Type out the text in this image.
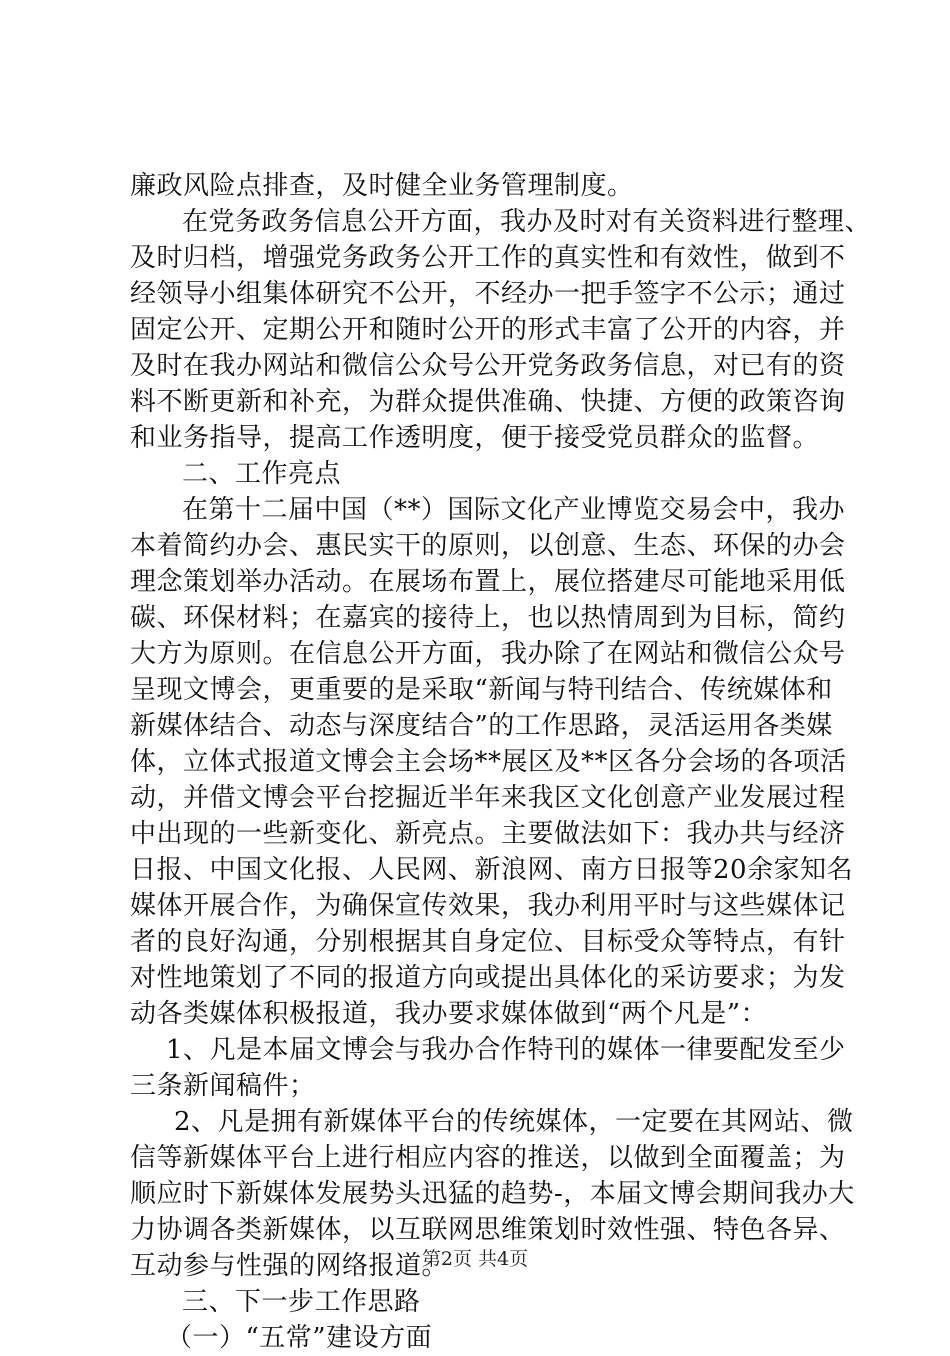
廉政风险点排查，及时健全业务管理制度。
在党务政务信息公开方面，我办及时对有关资料进行整理、
及时归档，增强党务政务公开工作的真实性和有效性，做到不
经领导小组集体研究不公开，不经办一把手签字不公示；通过
固定公开、定期公开和随时公开的形式丰富了公开的内容，并
及时在我办网站和微信公众号公开党务政务信息，对已有的资
料不断更新和补充，为群众提供准确、快捷、方便的政策咨询
和业务指导，提高工作透明度，便于接受党员群众的监督。
二、工作亮点
在第十二届中国（**）国际文化产业博览交易会中，我办
本着简约办会、惠民实干的原则，以创意、生态、环保的办会
理念策划举办活动。在展场布置上，展位搭建尽可能地采用低
碳、环保材料；在嘉宾的接待上，也以热情周到为目标，简约
大方为原则。在信息公开方面，我办除了在网站和微信公众号
呈现文博会，更重要的是采取“新闻与特刊结合、传统媒体和
新媒体结合、动态与深度结合”的工作思路，灵活运用各类媒
体，立体式报道文博会主会场**展区及**区各分会场的各项活
动，并借文博会平台挖掘近半年来我区文化创意产业发展过程
中出现的一些新变化、新亮点。主要做法如下：我办共与经济
日报、中国文化报、人民网、新浪网、南方日报等20余家知名
媒体开展合作，为确保宣传效果，我办利用平时与这些媒体记
者的良好沟通，分别根据其自身定位、目标受众等特点，有针
对性地策划了不同的报道方向或提出具体化的采访要求；为发
动各类媒体积极报道，我办要求媒体做到“两个凡是”：
1、凡是本届文博会与我办合作特刊的媒体一律要配发至少
三条新闻稿件；
2、凡是拥有新媒体平台的传统媒体，一定要在其网站、微
信等新媒体平台上进行相应内容的推送，以做到全面覆盖；为
顺应时下新媒体发展势头迅猛的趋势-，本届文博会期间我办大
力协调各类新媒体，以互联网思维策划时效性强、特色各异、
互动参与性强的网络报道。
三、下一步工作思路
（一）“五常”建设方面
第2页 共4页
